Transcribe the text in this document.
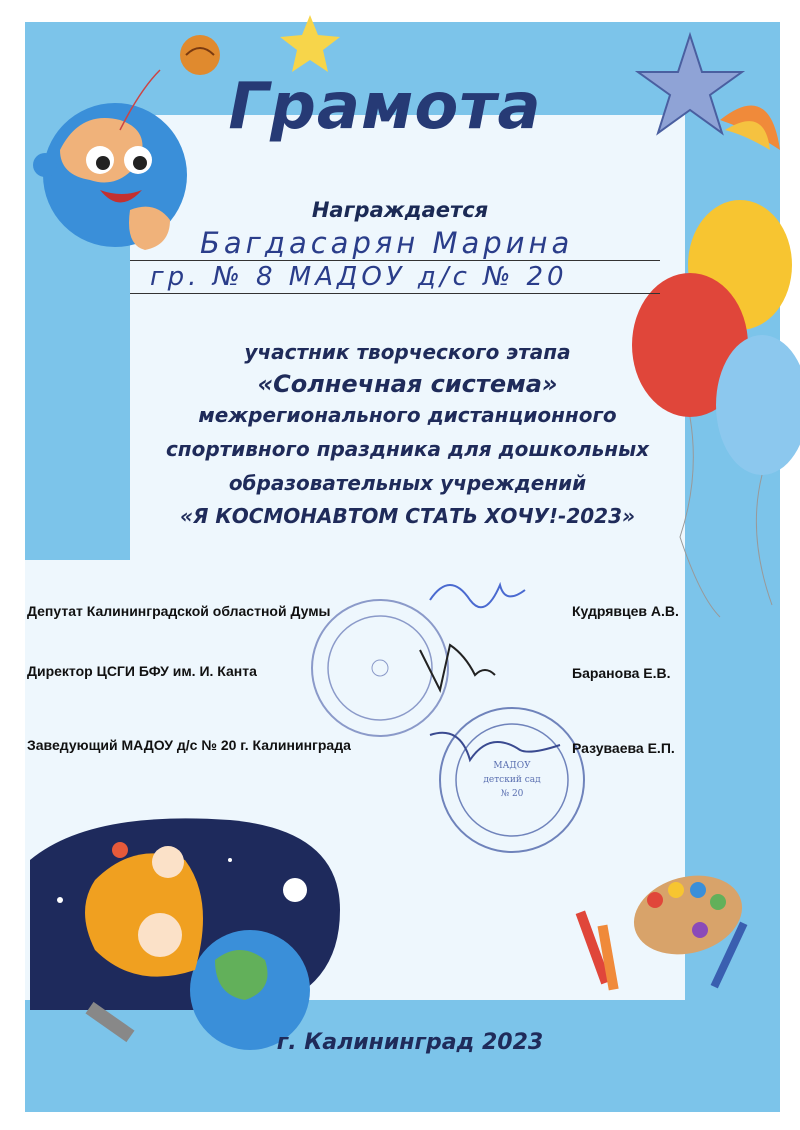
Грамота
Награждается
Багдасарян Марина
гр. № 8 МАДОУ д/с № 20
участник творческого этапа
«Солнечная система»
межрегионального дистанционного
спортивного праздника для дошкольных
образовательных учреждений
«Я КОСМОНАВТОМ СТАТЬ ХОЧУ!-2023»
Депутат Калининградской областной Думы	Кудрявцев А.В.
Директор ЦСГИ БФУ им. И. Канта	Баранова Е.В.
Заведующий МАДОУ д/с № 20 г. Калининграда	Разуваева Е.П.
МАДОУ
детский сад
№ 20
г. Калининград 2023
